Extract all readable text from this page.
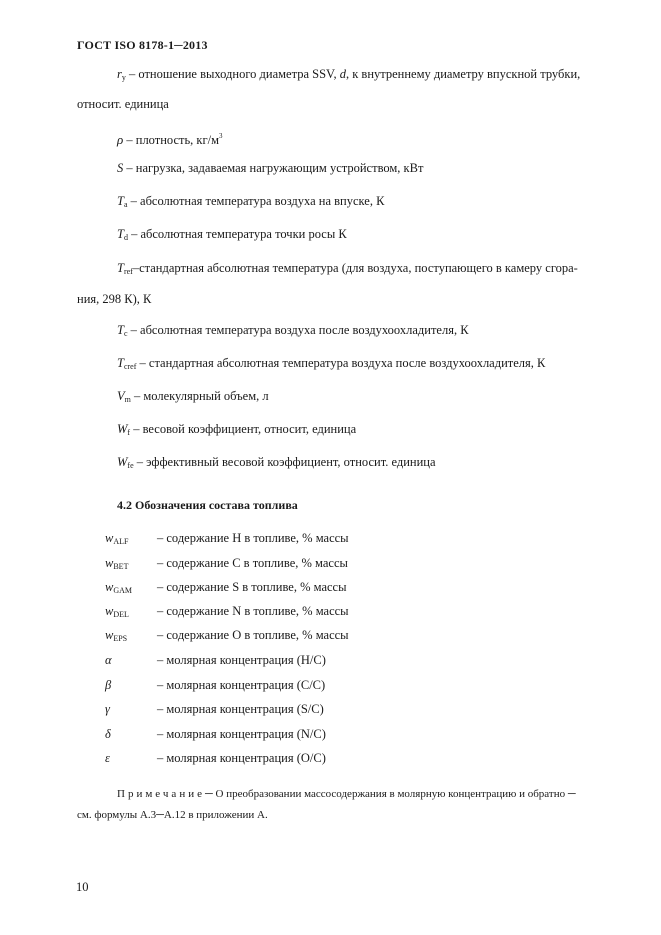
ГОСТ ISO 8178-1─2013
$r_y$ – отношение выходного диаметра SSV, d, к внутреннему диаметру впускной трубки,
относит. единица
ρ – плотность, $кг/м^3$
S – нагрузка, задаваемая нагружающим устройством, кВт
$T_a$ – абсолютная температура воздуха на впуске, К
$T_d$ – абсолютная температура точки росы К
$T_{ref}$–стандартная абсолютная температура (для воздуха, поступающего в камеру сгора-
ния, 298 К), К
$T_c$ – абсолютная температура воздуха после воздухоохладителя, К
$T_{cref}$ – стандартная абсолютная температура воздуха после воздухоохладителя, К
$V_m$ – молекулярный объем, л
$W_f$ – весовой коэффициент, относит, единица
$W_{fe}$ – эффективный весовой коэффициент, относит. единица
4.2 Обозначения состава топлива
$w_{ALF}$ – содержание Н в топливе, % массы
$w_{BET}$ – содержание С в топливе, % массы
$w_{GAM}$ – содержание S в топливе, % массы
$w_{DEL}$ – содержание N в топливе, % массы
$w_{EPS}$ – содержание О в топливе, % массы
α	– молярная концентрация (Н/С)
β	– молярная концентрация (С/С)
γ	– молярная концентрация (S/C)
δ	– молярная концентрация (N/C)
ε	– молярная концентрация (О/С)
Примечание─ О преобразовании массосодержания в молярную концентрацию и обратно ─
см. формулы А.3─А.12 в приложении А.
10
